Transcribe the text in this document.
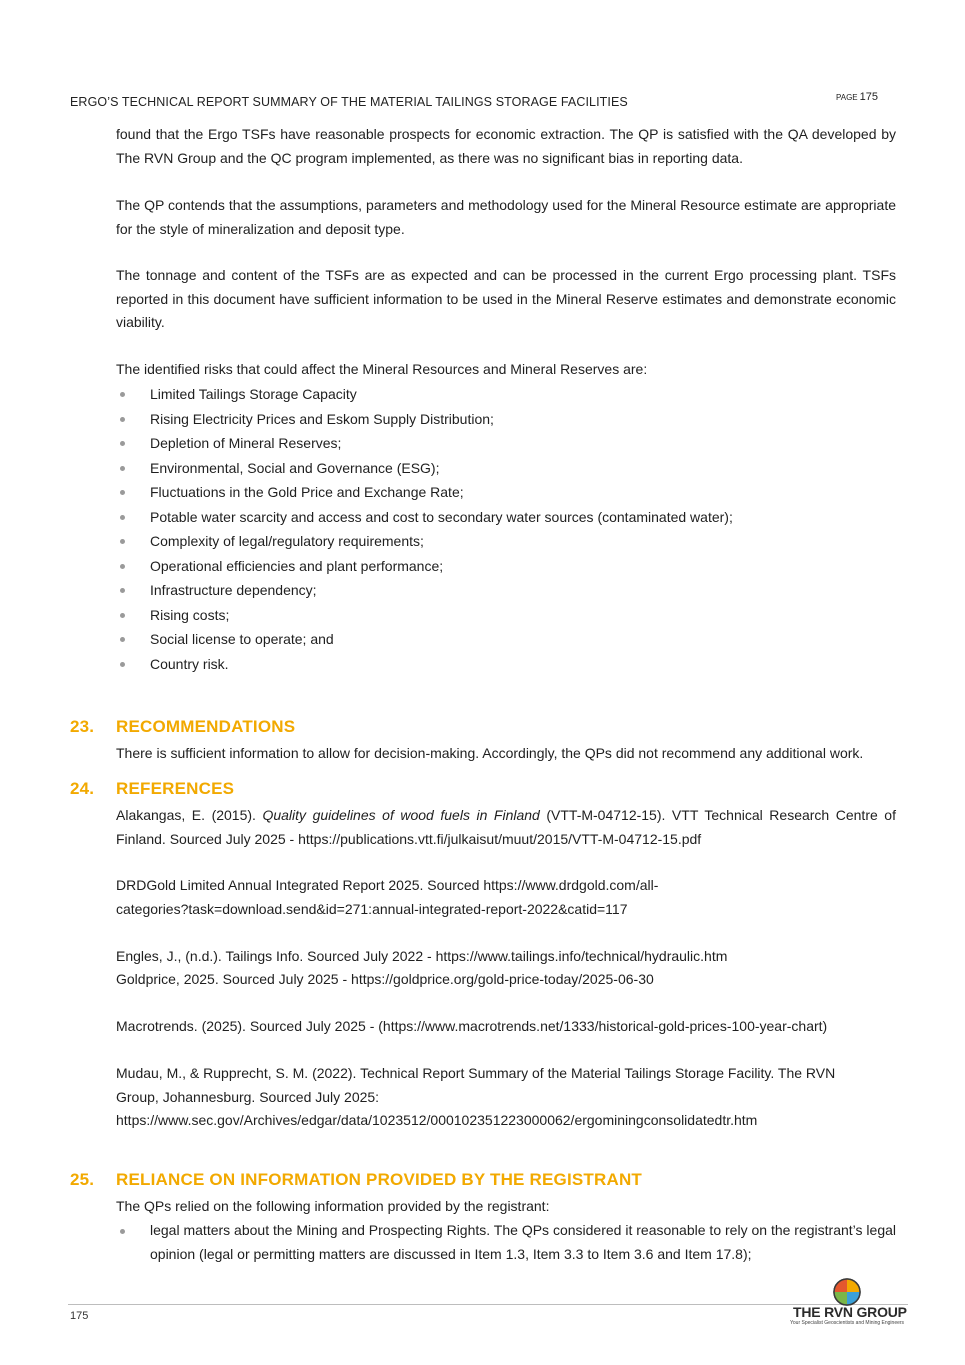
ERGO’S TECHNICAL REPORT SUMMARY OF THE MATERIAL TAILINGS STORAGE FACILITIES	PAGE 175

found that the Ergo TSFs have reasonable prospects for economic extraction. The QP is satisfied with the QA developed by The RVN Group and the QC program implemented, as there was no significant bias in reporting data.

The QP contends that the assumptions, parameters and methodology used for the Mineral Resource estimate are appropriate for the style of mineralization and deposit type.

The tonnage and content of the TSFs are as expected and can be processed in the current Ergo processing plant. TSFs reported in this document have sufficient information to be used in the Mineral Reserve estimates and demonstrate economic viability.

The identified risks that could affect the Mineral Resources and Mineral Reserves are:

Limited Tailings Storage Capacity
Rising Electricity Prices and Eskom Supply Distribution;
Depletion of Mineral Reserves;
Environmental, Social and Governance (ESG);
Fluctuations in the Gold Price and Exchange Rate;
Potable water scarcity and access and cost to secondary water sources (contaminated water);
Complexity of legal/regulatory requirements;
Operational efficiencies and plant performance;
Infrastructure dependency;
Rising costs;
Social license to operate; and
Country risk.
23. RECOMMENDATIONS

There is sufficient information to allow for decision-making. Accordingly, the QPs did not recommend any additional work.

24. REFERENCES

Alakangas, E. (2015). Quality guidelines of wood fuels in Finland (VTT-M-04712-15). VTT Technical Research Centre of Finland. Sourced July 2025 - https://publications.vtt.fi/julkaisut/muut/2015/VTT-M-04712-15.pdf

DRDGold Limited Annual Integrated Report 2025. Sourced https://www.drdgold.com/all-
categories?task=download.send&id=271:annual-integrated-report-2022&catid=117

Engles, J., (n.d.). Tailings Info. Sourced July 2022 - https://www.tailings.info/technical/hydraulic.htm

Goldprice, 2025. Sourced July 2025 - https://goldprice.org/gold-price-today/2025-06-30

Macrotrends. (2025). Sourced July 2025 - (https://www.macrotrends.net/1333/historical-gold-prices-100-year-chart)

Mudau, M., & Rupprecht, S. M. (2022). Technical Report Summary of the Material Tailings Storage Facility. The RVN
Group, Johannesburg. Sourced July 2025:
https://www.sec.gov/Archives/edgar/data/1023512/000102351223000062/ergominingconsolidatedtr.htm

25. RELIANCE ON INFORMATION PROVIDED BY THE REGISTRANT

The QPs relied on the following information provided by the registrant:

legal matters about the Mining and Prospecting Rights. The QPs considered it reasonable to rely on the registrant’s legal opinion (legal or permitting matters are discussed in Item 1.3, Item 3.3 to Item 3.6 and Item 17.8);
175	THE RVN GROUP
Your Specialist Geoscientists and Mining Engineers
